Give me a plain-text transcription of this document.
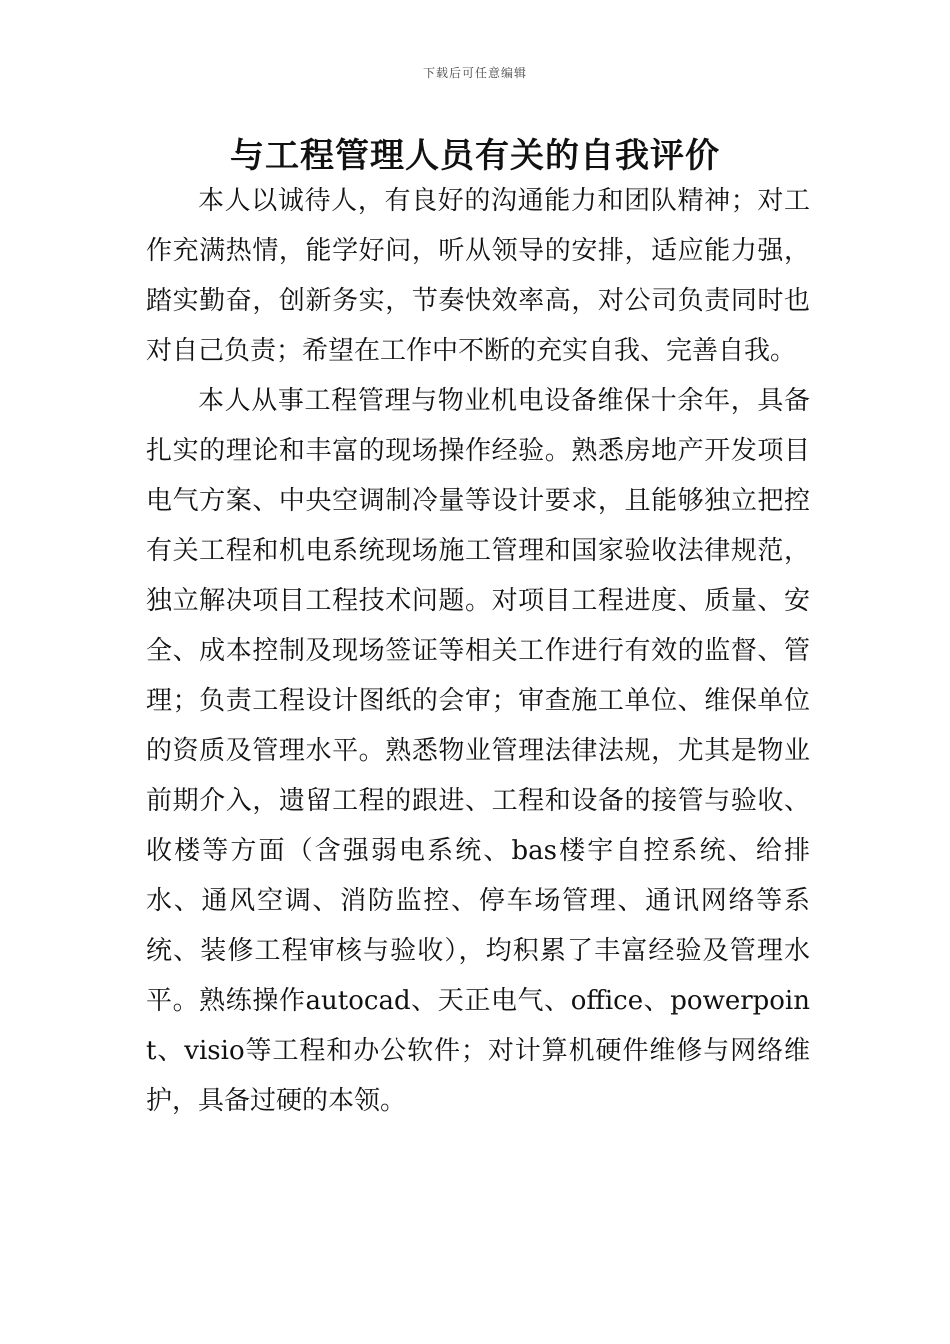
下载后可任意编辑
与工程管理人员有关的自我评价

本人以诚待人，有良好的沟通能力和团队精神；对工作充满热情，能学好问，听从领导的安排，适应能力强，踏实勤奋，创新务实，节奏快效率高，对公司负责同时也对自己负责；希望在工作中不断的充实自我、完善自我。

本人从事工程管理与物业机电设备维保十余年，具备扎实的理论和丰富的现场操作经验。熟悉房地产开发项目电气方案、中央空调制冷量等设计要求，且能够独立把控有关工程和机电系统现场施工管理和国家验收法律规范，独立解决项目工程技术问题。对项目工程进度、质量、安全、成本控制及现场签证等相关工作进行有效的监督、管理；负责工程设计图纸的会审；审查施工单位、维保单位的资质及管理水平。熟悉物业管理法律法规，尤其是物业前期介入，遗留工程的跟进、工程和设备的接管与验收、收楼等方面（含强弱电系统、bas楼宇自控系统、给排水、通风空调、消防监控、停车场管理、通讯网络等系统、装修工程审核与验收），均积累了丰富经验及管理水平。熟练操作autocad、天正电气、office、powerpoint、visio等工程和办公软件；对计算机硬件维修与网络维护，具备过硬的本领。
